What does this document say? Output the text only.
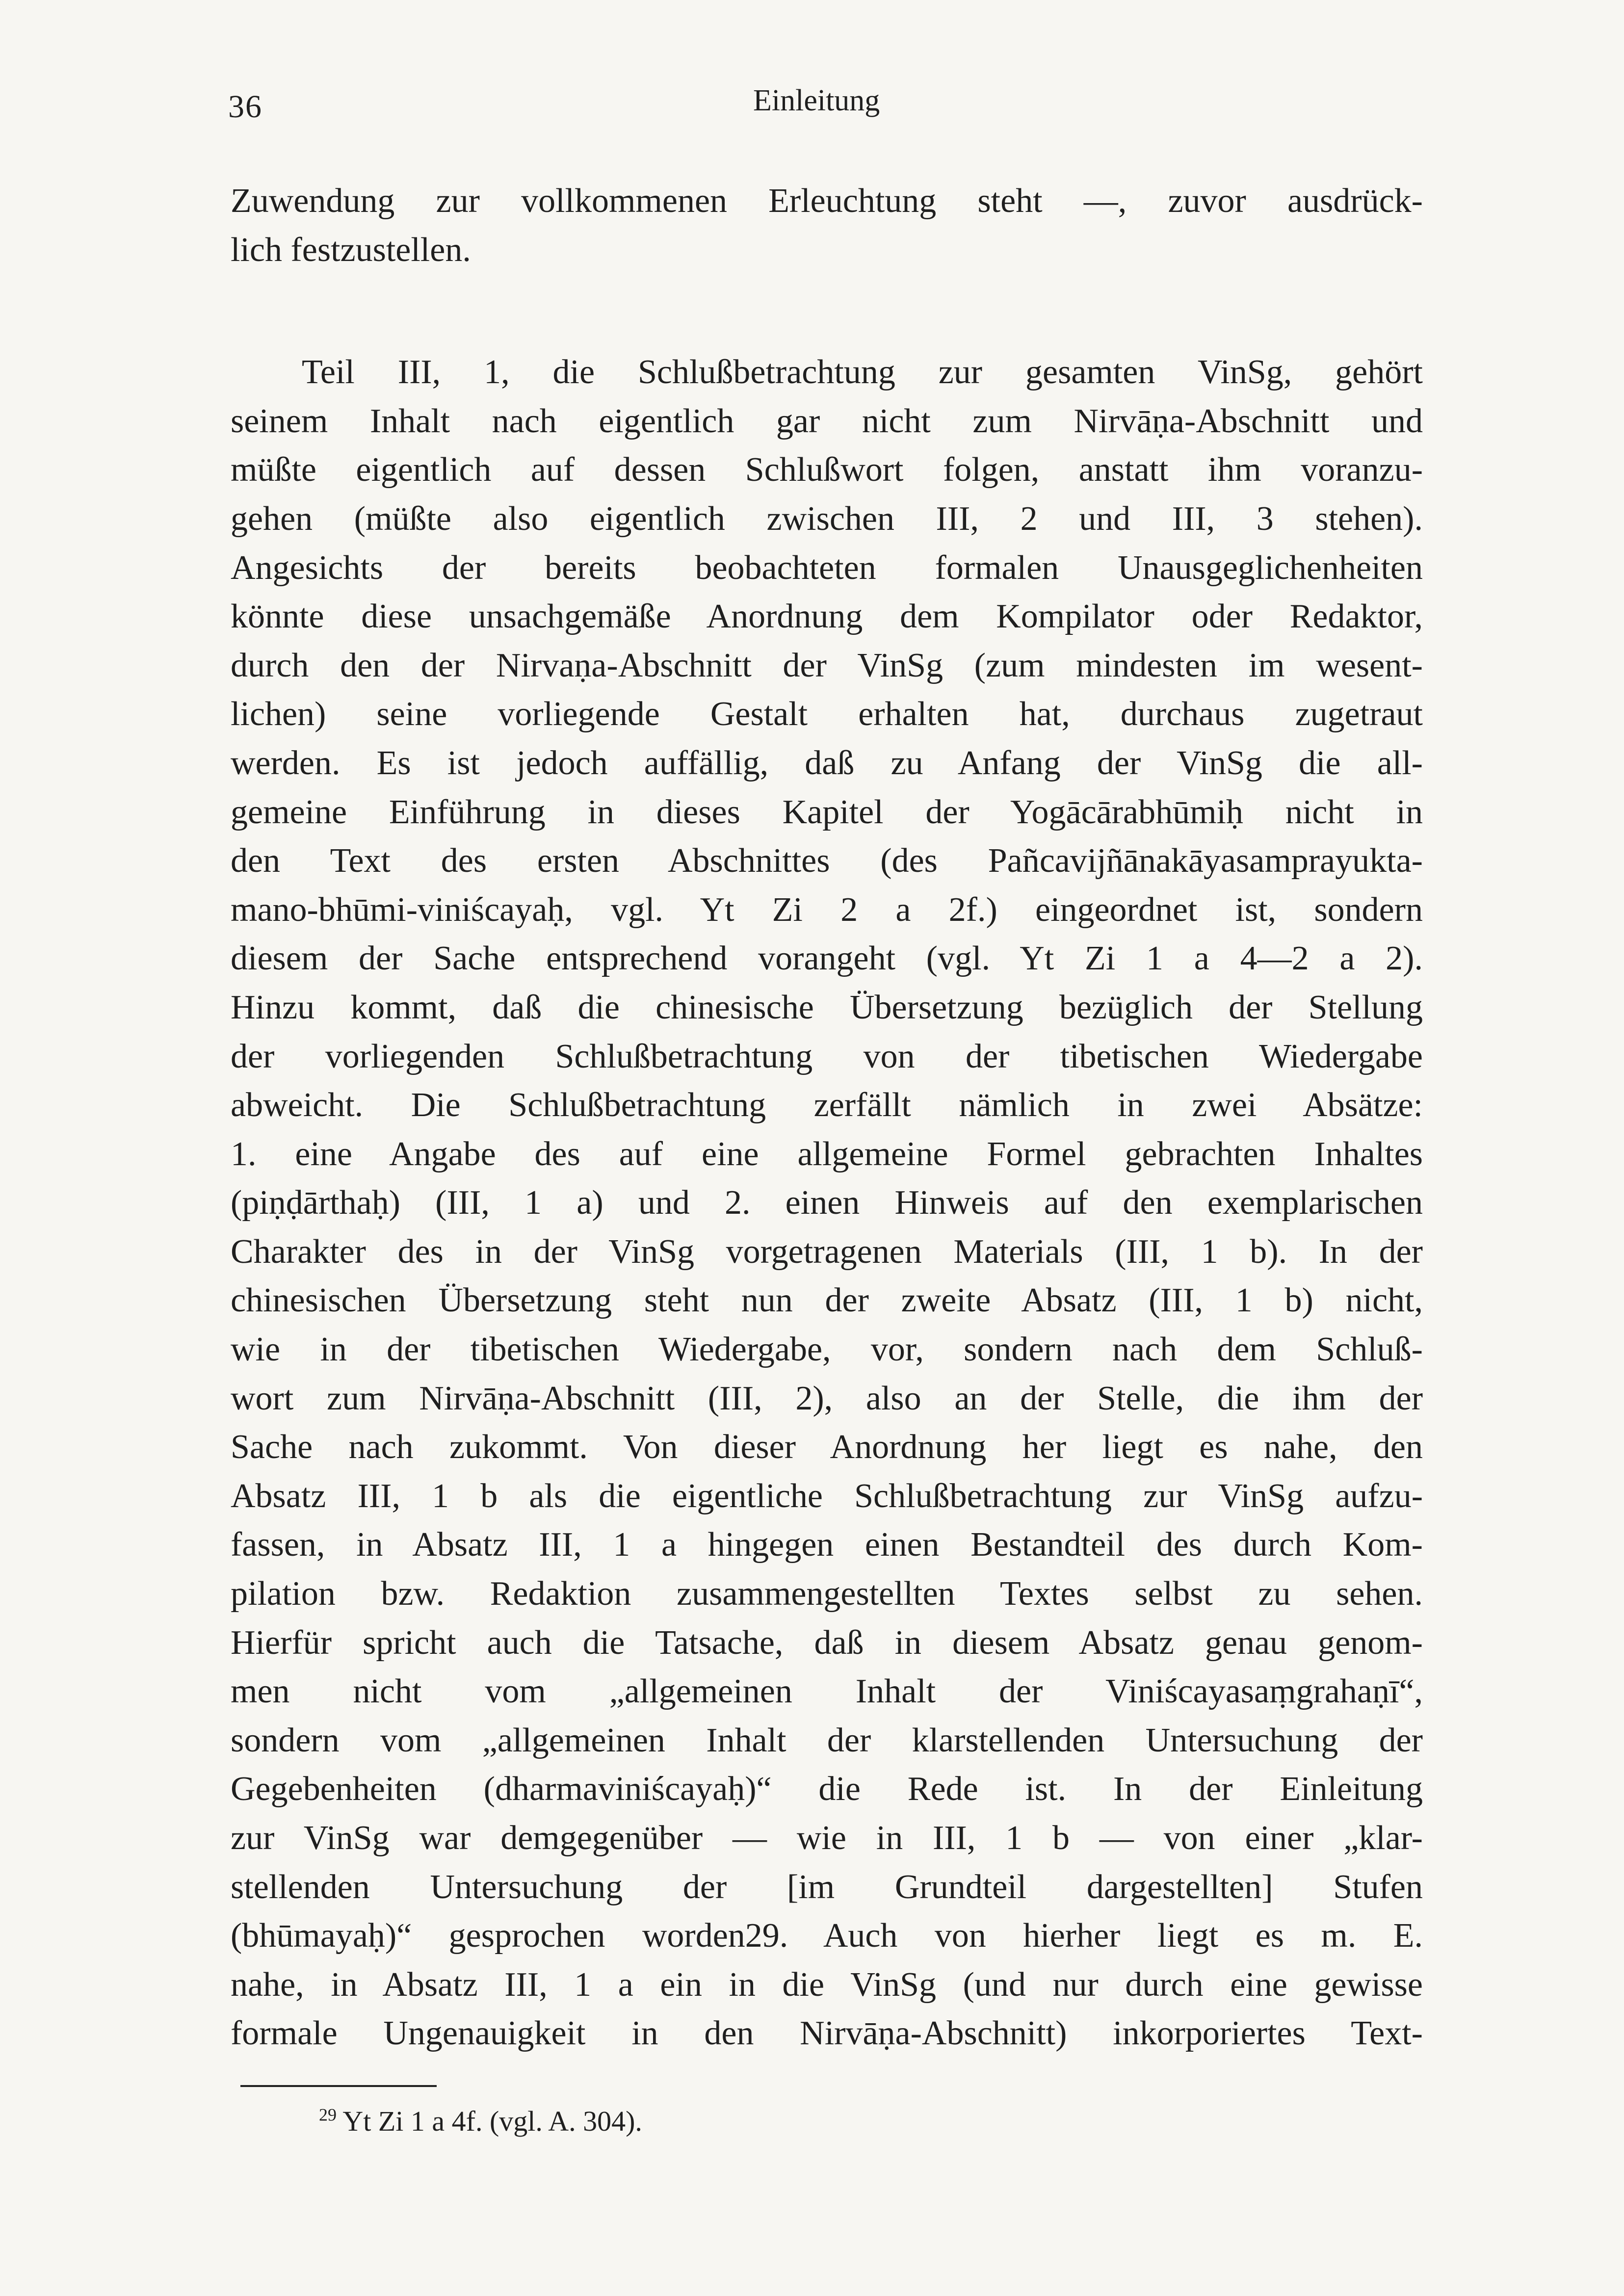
36	Einleitung
Zuwendung zur vollkommenen Erleuchtung steht —, zuvor ausdrück-
lich festzustellen.
Teil III, 1, die Schlußbetrachtung zur gesamten VinSg, gehört
seinem Inhalt nach eigentlich gar nicht zum Nirvāṇa-Abschnitt und
müßte eigentlich auf dessen Schlußwort folgen, anstatt ihm voranzu-
gehen (müßte also eigentlich zwischen III, 2 und III, 3 stehen).
Angesichts der bereits beobachteten formalen Unausgeglichenheiten
könnte diese unsachgemäße Anordnung dem Kompilator oder Redaktor,
durch den der Nirvaṇa-Abschnitt der VinSg (zum mindesten im wesent-
lichen) seine vorliegende Gestalt erhalten hat, durchaus zugetraut
werden. Es ist jedoch auffällig, daß zu Anfang der VinSg die all-
gemeine Einführung in dieses Kapitel der Yogācārabhūmiḥ nicht in
den Text des ersten Abschnittes (des Pañcavijñānakāyasamprayukta-
mano-bhūmi-viniścayaḥ, vgl. Yt Zi 2 a 2f.) eingeordnet ist, sondern
diesem der Sache entsprechend vorangeht (vgl. Yt Zi 1 a 4—2 a 2).
Hinzu kommt, daß die chinesische Übersetzung bezüglich der Stellung
der vorliegenden Schlußbetrachtung von der tibetischen Wiedergabe
abweicht. Die Schlußbetrachtung zerfällt nämlich in zwei Absätze:
1. eine Angabe des auf eine allgemeine Formel gebrachten Inhaltes
(piṇḍārthaḥ) (III, 1 a) und 2. einen Hinweis auf den exemplarischen
Charakter des in der VinSg vorgetragenen Materials (III, 1 b). In der
chinesischen Übersetzung steht nun der zweite Absatz (III, 1 b) nicht,
wie in der tibetischen Wiedergabe, vor, sondern nach dem Schluß-
wort zum Nirvāṇa-Abschnitt (III, 2), also an der Stelle, die ihm der
Sache nach zukommt. Von dieser Anordnung her liegt es nahe, den
Absatz III, 1 b als die eigentliche Schlußbetrachtung zur VinSg aufzu-
fassen, in Absatz III, 1 a hingegen einen Bestandteil des durch Kom-
pilation bzw. Redaktion zusammengestellten Textes selbst zu sehen.
Hierfür spricht auch die Tatsache, daß in diesem Absatz genau genom-
men nicht vom „allgemeinen Inhalt der Viniścayasaṃgrahaṇī“,
sondern vom „allgemeinen Inhalt der klarstellenden Untersuchung der
Gegebenheiten (dharmaviniścayaḥ)“ die Rede ist. In der Einleitung
zur VinSg war demgegenüber — wie in III, 1 b — von einer „klar-
stellenden Untersuchung der [im Grundteil dargestellten] Stufen
(bhūmayaḥ)“ gesprochen worden29. Auch von hierher liegt es m. E.
nahe, in Absatz III, 1 a ein in die VinSg (und nur durch eine gewisse
formale Ungenauigkeit in den Nirvāṇa-Abschnitt) inkorporiertes Text-
$^{29}$ Yt Zi 1 a 4f. (vgl. A. 304).
